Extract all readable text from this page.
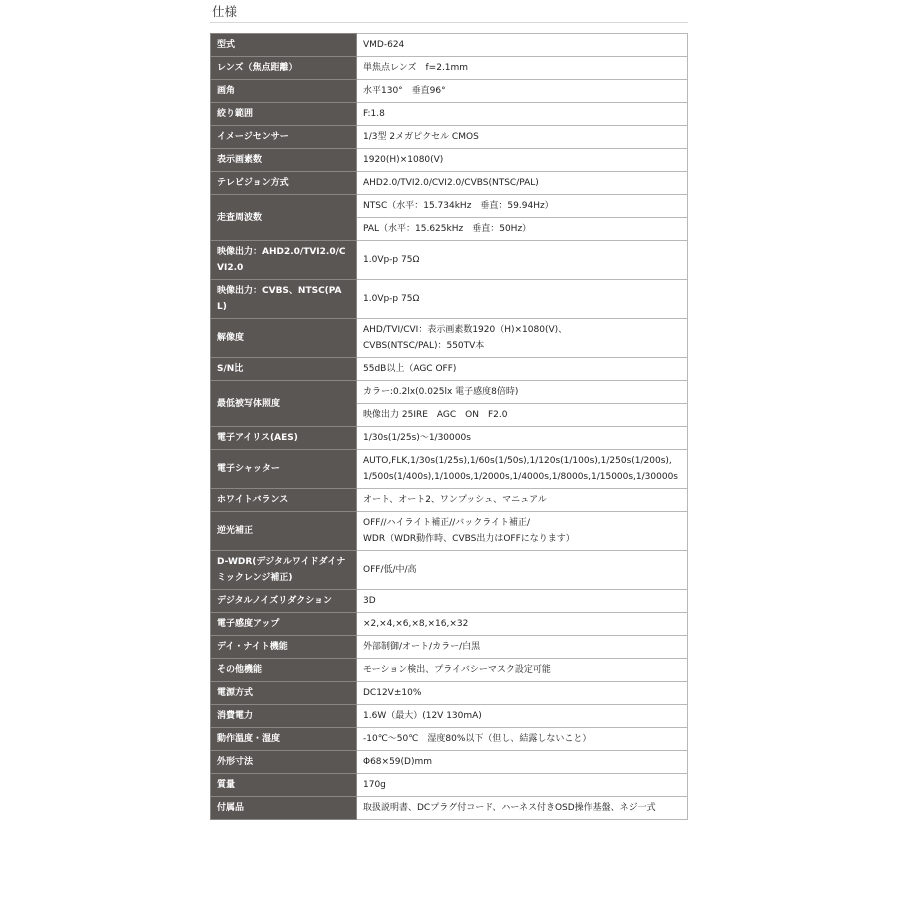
仕様
型式	VMD-624
レンズ（焦点距離）	単焦点レンズ　f=2.1mm
画角	水平130°　垂直96°
絞り範囲	F:1.8
イメージセンサー	1/3型 2メガピクセル CMOS
表示画素数	1920(H)×1080(V)
テレビジョン方式	AHD2.0/TVI2.0/CVI2.0/CVBS(NTSC/PAL)
走査周波数	NTSC（水平：15.734kHz　垂直：59.94Hz）
	PAL（水平：15.625kHz　垂直：50Hz）
映像出力：AHD2.0/TVI2.0/CVI2.0	1.0Vp-p 75Ω
映像出力：CVBS、NTSC(PAL)	1.0Vp-p 75Ω
解像度	AHD/TVI/CVI：表示画素数1920（H)×1080(V)、
CVBS(NTSC/PAL)：550TV本
S/N比	55dB以上（AGC OFF)
最低被写体照度	カラー:0.2lx(0.025lx 電子感度8倍時)
	映像出力 25IRE　AGC　ON　F2.0
電子アイリス(AES)	1/30s(1/25s)～1/30000s
電子シャッター	AUTO,FLK,1/30s(1/25s),1/60s(1/50s),1/120s(1/100s),1/250s(1/200s),
1/500s(1/400s),1/1000s,1/2000s,1/4000s,1/8000s,1/15000s,1/30000s
ホワイトバランス	オート、オート2、ワンプッシュ、マニュアル
逆光補正	OFF//ハイライト補正//バックライト補正/
WDR（WDR動作時、CVBS出力はOFFになります）
D-WDR(デジタルワイドダイナミックレンジ補正)	OFF/低/中/高
デジタルノイズリダクション	3D
電子感度アップ	×2,×4,×6,×8,×16,×32
デイ・ナイト機能	外部制御/オート/カラー/白黒
その他機能	モーション検出、プライバシーマスク設定可能
電源方式	DC12V±10%
消費電力	1.6W（最大）(12V 130mA)
動作温度・湿度	-10℃～50℃　湿度80%以下（但し、結露しないこと）
外形寸法	Φ68×59(D)mm
質量	170g
付属品	取扱説明書、DCプラグ付コード、ハーネス付きOSD操作基盤、ネジ一式
